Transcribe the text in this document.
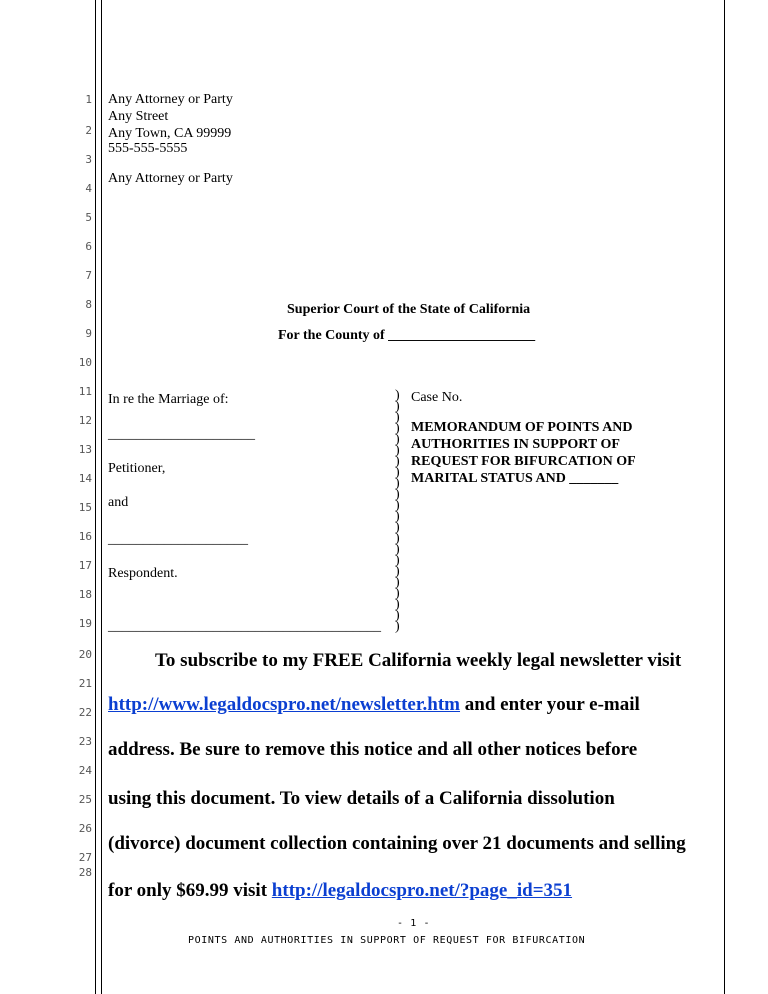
1
2
3
4
5
6
7
8
9
10
11
12
13
14
15
16
17
18
19
20
21
22
23
24
25
26
27
28
Any Attorney or Party
Any Street
Any Town, CA 99999
555-555-5555
Any Attorney or Party
Superior Court of the State of California
For the County of _____________________
In re the Marriage of:
_____________________
Petitioner,
and
____________________
Respondent.
_______________________________________
)
)
)
)
)
)
)
)
)
)
)
)
)
)
)
)
)
)
)
)
)
)
Case No.
MEMORANDUM OF POINTS AND
AUTHORITIES IN SUPPORT OF
REQUEST FOR BIFURCATION OF
MARITAL STATUS AND _______
To subscribe to my FREE California weekly legal newsletter visit
http://www.legaldocspro.net/newsletter.htm and enter your e-mail
address. Be sure to remove this notice and all other notices before
using this document. To view details of a California dissolution
(divorce) document collection containing over 21 documents and selling
for only $69.99 visit http://legaldocspro.net/?page_id=351
- 1 -
POINTS AND AUTHORITIES IN SUPPORT OF REQUEST FOR BIFURCATION
